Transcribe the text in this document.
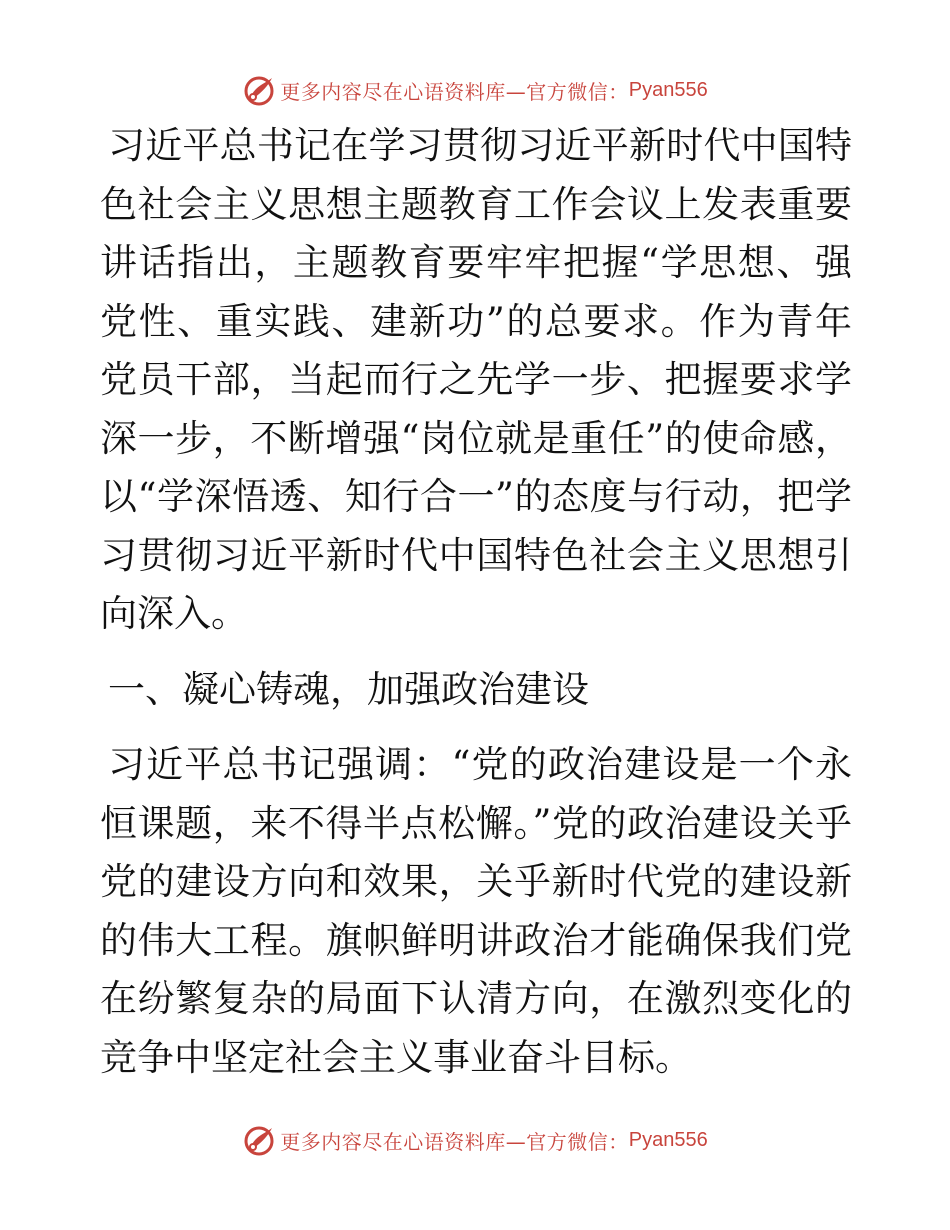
更多内容尽在心语资料库—官方微信： Pyan556

习近平总书记在学习贯彻习近平新时代中国特色社会主义思想主题教育工作会议上发表重要讲话指出，主题教育要牢牢把握“学思想、强党性、重实践、建新功”的总要求。作为青年党员干部，当起而行之先学一步、把握要求学深一步，不断增强“岗位就是重任”的使命感，以“学深悟透、知行合一”的态度与行动，把学习贯彻习近平新时代中国特色社会主义思想引向深入。

一、凝心铸魂，加强政治建设

习近平总书记强调：“党的政治建设是一个永恒课题，来不得半点松懈。”党的政治建设关乎党的建设方向和效果，关乎新时代党的建设新的伟大工程。旗帜鲜明讲政治才能确保我们党在纷繁复杂的局面下认清方向，在激烈变化的竞争中坚定社会主义事业奋斗目标。

更多内容尽在心语资料库—官方微信： Pyan556
